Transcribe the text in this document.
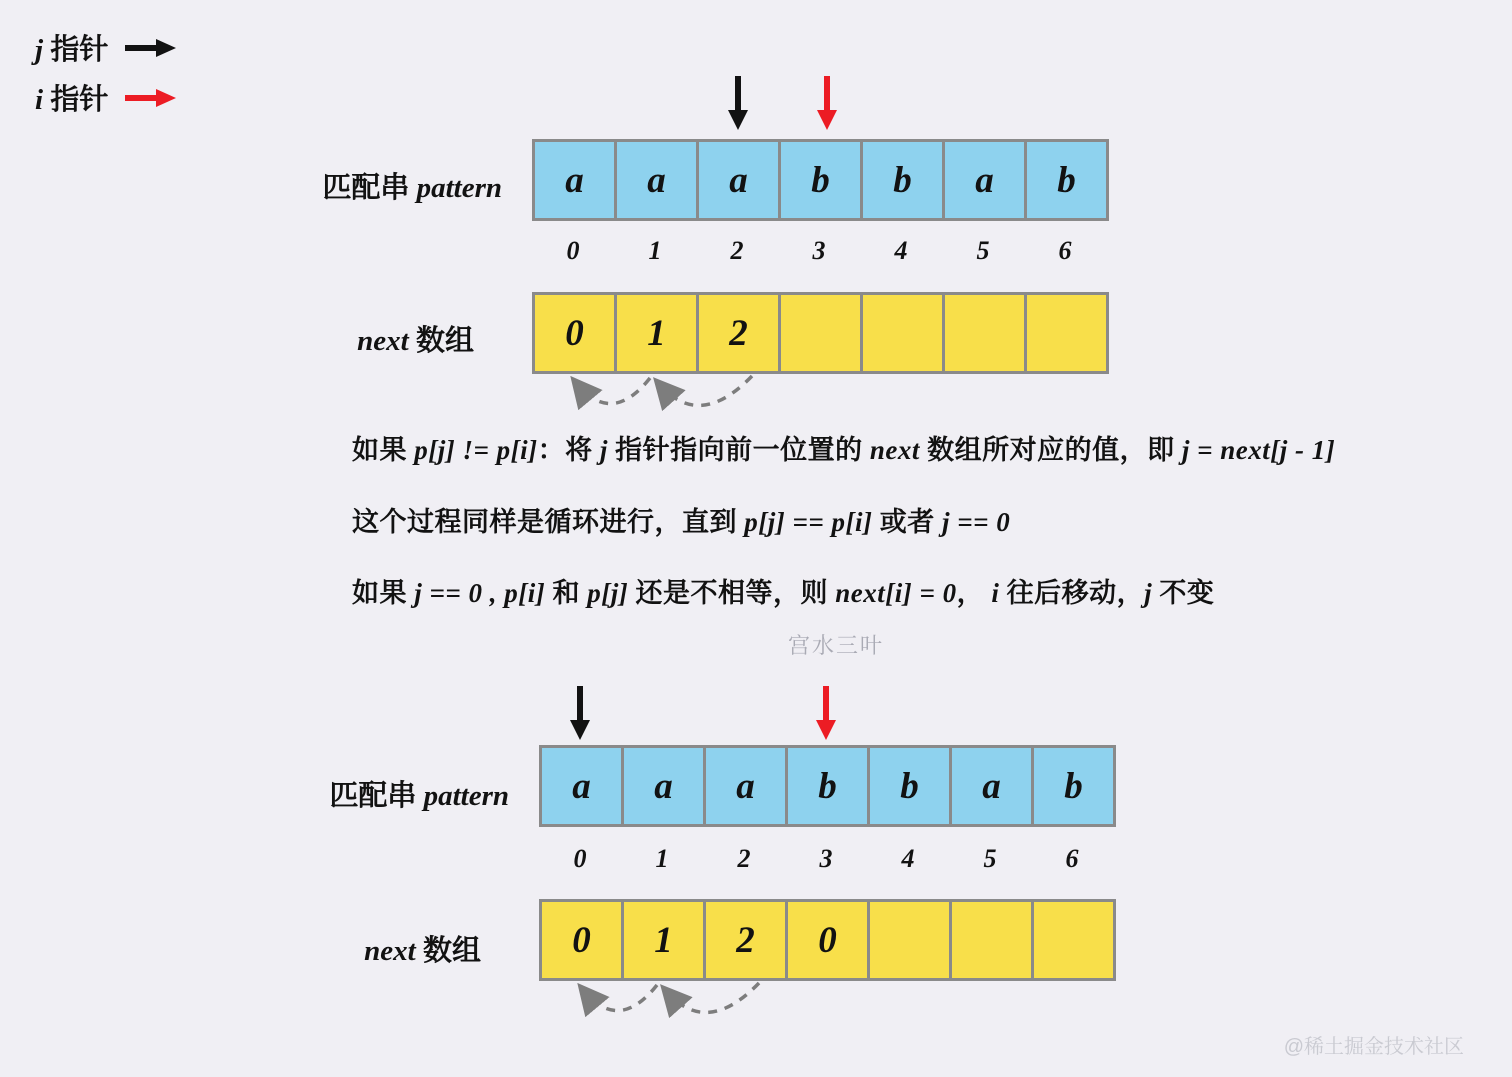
j 指针
i 指针
匹配串 pattern	a	a	a	b	b	a	b
0	1	2	3	4	5	6
next 数组	0	1	2
如果 p[j] != p[i]：将 j 指针指向前一位置的 next 数组所对应的值，即 j = next[j - 1]
这个过程同样是循环进行，直到 p[j] == p[i] 或者 j == 0
如果 j == 0 , p[i] 和 p[j] 还是不相等，则 next[i] = 0， i 往后移动，j 不变
宫水三叶
匹配串 pattern	a	a	a	b	b	a	b
0	1	2	3	4	5	6
next 数组	0	1	2	0
@稀土掘金技术社区
